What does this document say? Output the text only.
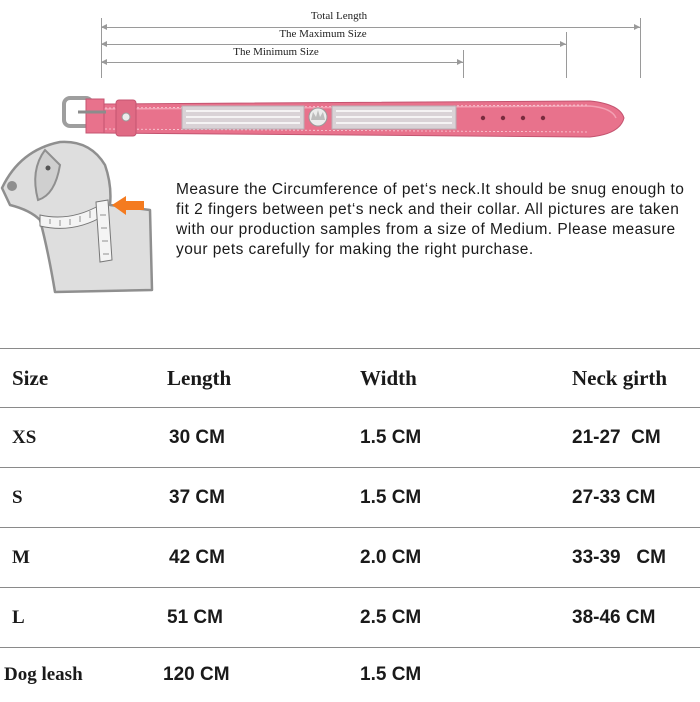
Total Length
The Maximum Size
The Minimum Size
Measure the Circumference of pet‘s neck.It should be snug enough to fit 2 fingers between pet‘s neck and their collar. All pictures are taken with our production samples from a size of Medium. Please measure your pets carefully for making the right purchase.
Size	Length	Width	Neck girth
XS	30 CM	1.5 CM	21-27  CM
S	37 CM	1.5 CM	27-33 CM
M	42 CM	2.0 CM	33-39   CM
L	51 CM	2.5 CM	38-46 CM
Dog leash	120 CM	1.5 CM	
